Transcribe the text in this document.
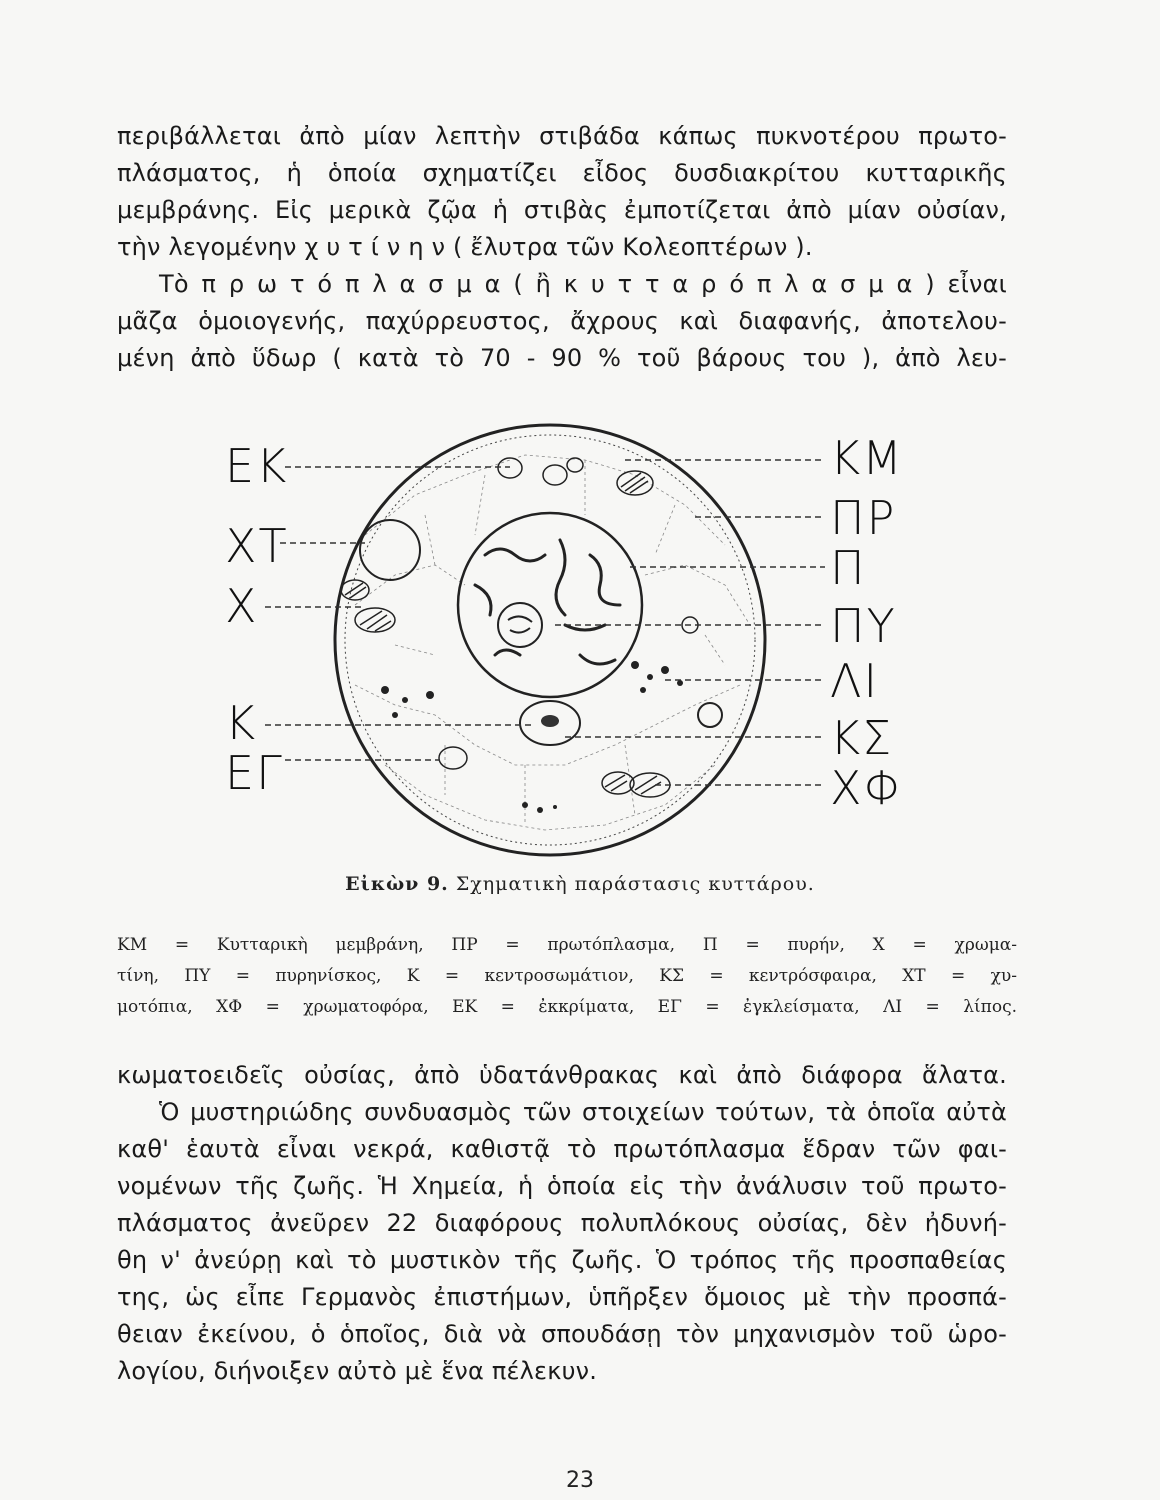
περιβάλλεται ἀπὸ μίαν λεπτὴν στιβάδα κάπως πυκνοτέρου πρωτο-
πλάσματος, ἡ ὁποία σχηματίζει εἶδος δυσδιακρίτου κυτταρικῆς
μεμβράνης. Εἰς μερικὰ ζῷα ἡ στιβὰς ἐμποτίζεται ἀπὸ μίαν οὐσίαν,
τὴν λεγομένην χ υ τ ί ν η ν ( ἔλυτρα τῶν Κολεοπτέρων ).
Τὸ π ρ ω τ ό π λ α σ μ α ( ἢ κ υ τ τ α ρ ό π λ α σ μ α ) εἶναι
μᾶζα ὁμοιογενής, παχύρρευστος, ἄχρους καὶ διαφανής, ἀποτελου-
μένη ἀπὸ ὕδωρ ( κατὰ τὸ 70 - 90 % τοῦ βάρους του ), ἀπὸ λευ-
ΕΚ
ΧΤ
Χ
Κ
ΕΓ
ΚΜ
ΠΡ
Π
ΠΥ
ΛΙ
ΚΣ
ΧΦ
Εἰκὼν 9. Σχηματικὴ παράστασις κυττάρου.
ΚΜ = Κυτταρικὴ μεμβράνη, ΠΡ = πρωτόπλασμα, Π = πυρήν, Χ = χρωμα-
τίνη, ΠΥ = πυρηνίσκος, Κ = κεντροσωμάτιον, ΚΣ = κεντρόσφαιρα, ΧΤ = χυ-
μοτόπια, ΧΦ = χρωματοφόρα, ΕΚ = ἐκκρίματα, ΕΓ = ἐγκλείσματα, ΛΙ = λίπος.
κωματοειδεῖς οὐσίας, ἀπὸ ὑδατάνθρακας καὶ ἀπὸ διάφορα ἅλατα.
Ὁ μυστηριώδης συνδυασμὸς τῶν στοιχείων τούτων, τὰ ὁποῖα αὐτὰ
καθ' ἑαυτὰ εἶναι νεκρά, καθιστᾷ τὸ πρωτόπλασμα ἕδραν τῶν φαι-
νομένων τῆς ζωῆς. Ἡ Χημεία, ἡ ὁποία εἰς τὴν ἀνάλυσιν τοῦ πρωτο-
πλάσματος ἀνεῦρεν 22 διαφόρους πολυπλόκους οὐσίας, δὲν ἠδυνή-
θη ν' ἀνεύρῃ καὶ τὸ μυστικὸν τῆς ζωῆς. Ὁ τρόπος τῆς προσπαθείας
της, ὡς εἶπε Γερμανὸς ἐπιστήμων, ὑπῆρξεν ὅμοιος μὲ τὴν προσπά-
θειαν ἐκείνου, ὁ ὁποῖος, διὰ νὰ σπουδάσῃ τὸν μηχανισμὸν τοῦ ὡρο-
λογίου, διήνοιξεν αὐτὸ μὲ ἕνα πέλεκυν.
23
